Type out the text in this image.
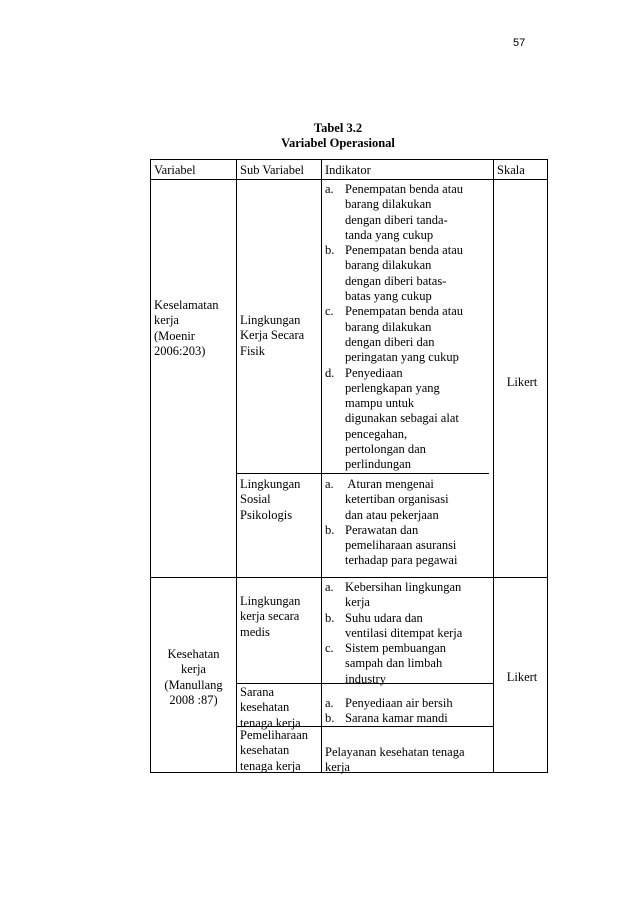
57
Tabel 3.2
Variabel Operasional
Variabel	Sub Variabel Indikator	Skala
Keselamatan
kerja
(Moenir
2006:203)
Lingkungan
Kerja Secara
Fisik
a. Penempatan benda atau
barang dilakukan
dengan diberi tanda-
tanda yang cukup
b. Penempatan benda atau
barang dilakukan
dengan diberi batas-
batas yang cukup
c. Penempatan benda atau
barang dilakukan
dengan diberi dan
peringatan yang cukup
d. Penyediaan
perlengkapan yang
mampu untuk
digunakan sebagai alat
pencegahan,
pertolongan dan
perlindungan
Lingkungan
Sosial
Psikologis
a. Aturan mengenai
ketertiban organisasi
dan atau pekerjaan
b. Perawatan dan
pemeliharaan asuransi
terhadap para pegawai
Likert
Kesehatan
kerja
(Manullang
2008 :87)
Lingkungan
kerja secara
medis
a. Kebersihan lingkungan
kerja
b. Suhu udara dan
ventilasi ditempat kerja
c. Sistem pembuangan
sampah dan limbah
industry
Sarana
kesehatan
tenaga kerja
a. Penyediaan air bersih
b. Sarana kamar mandi
Pemeliharaan
kesehatan
tenaga kerja
Pelayanan kesehatan tenaga
kerja
Likert
